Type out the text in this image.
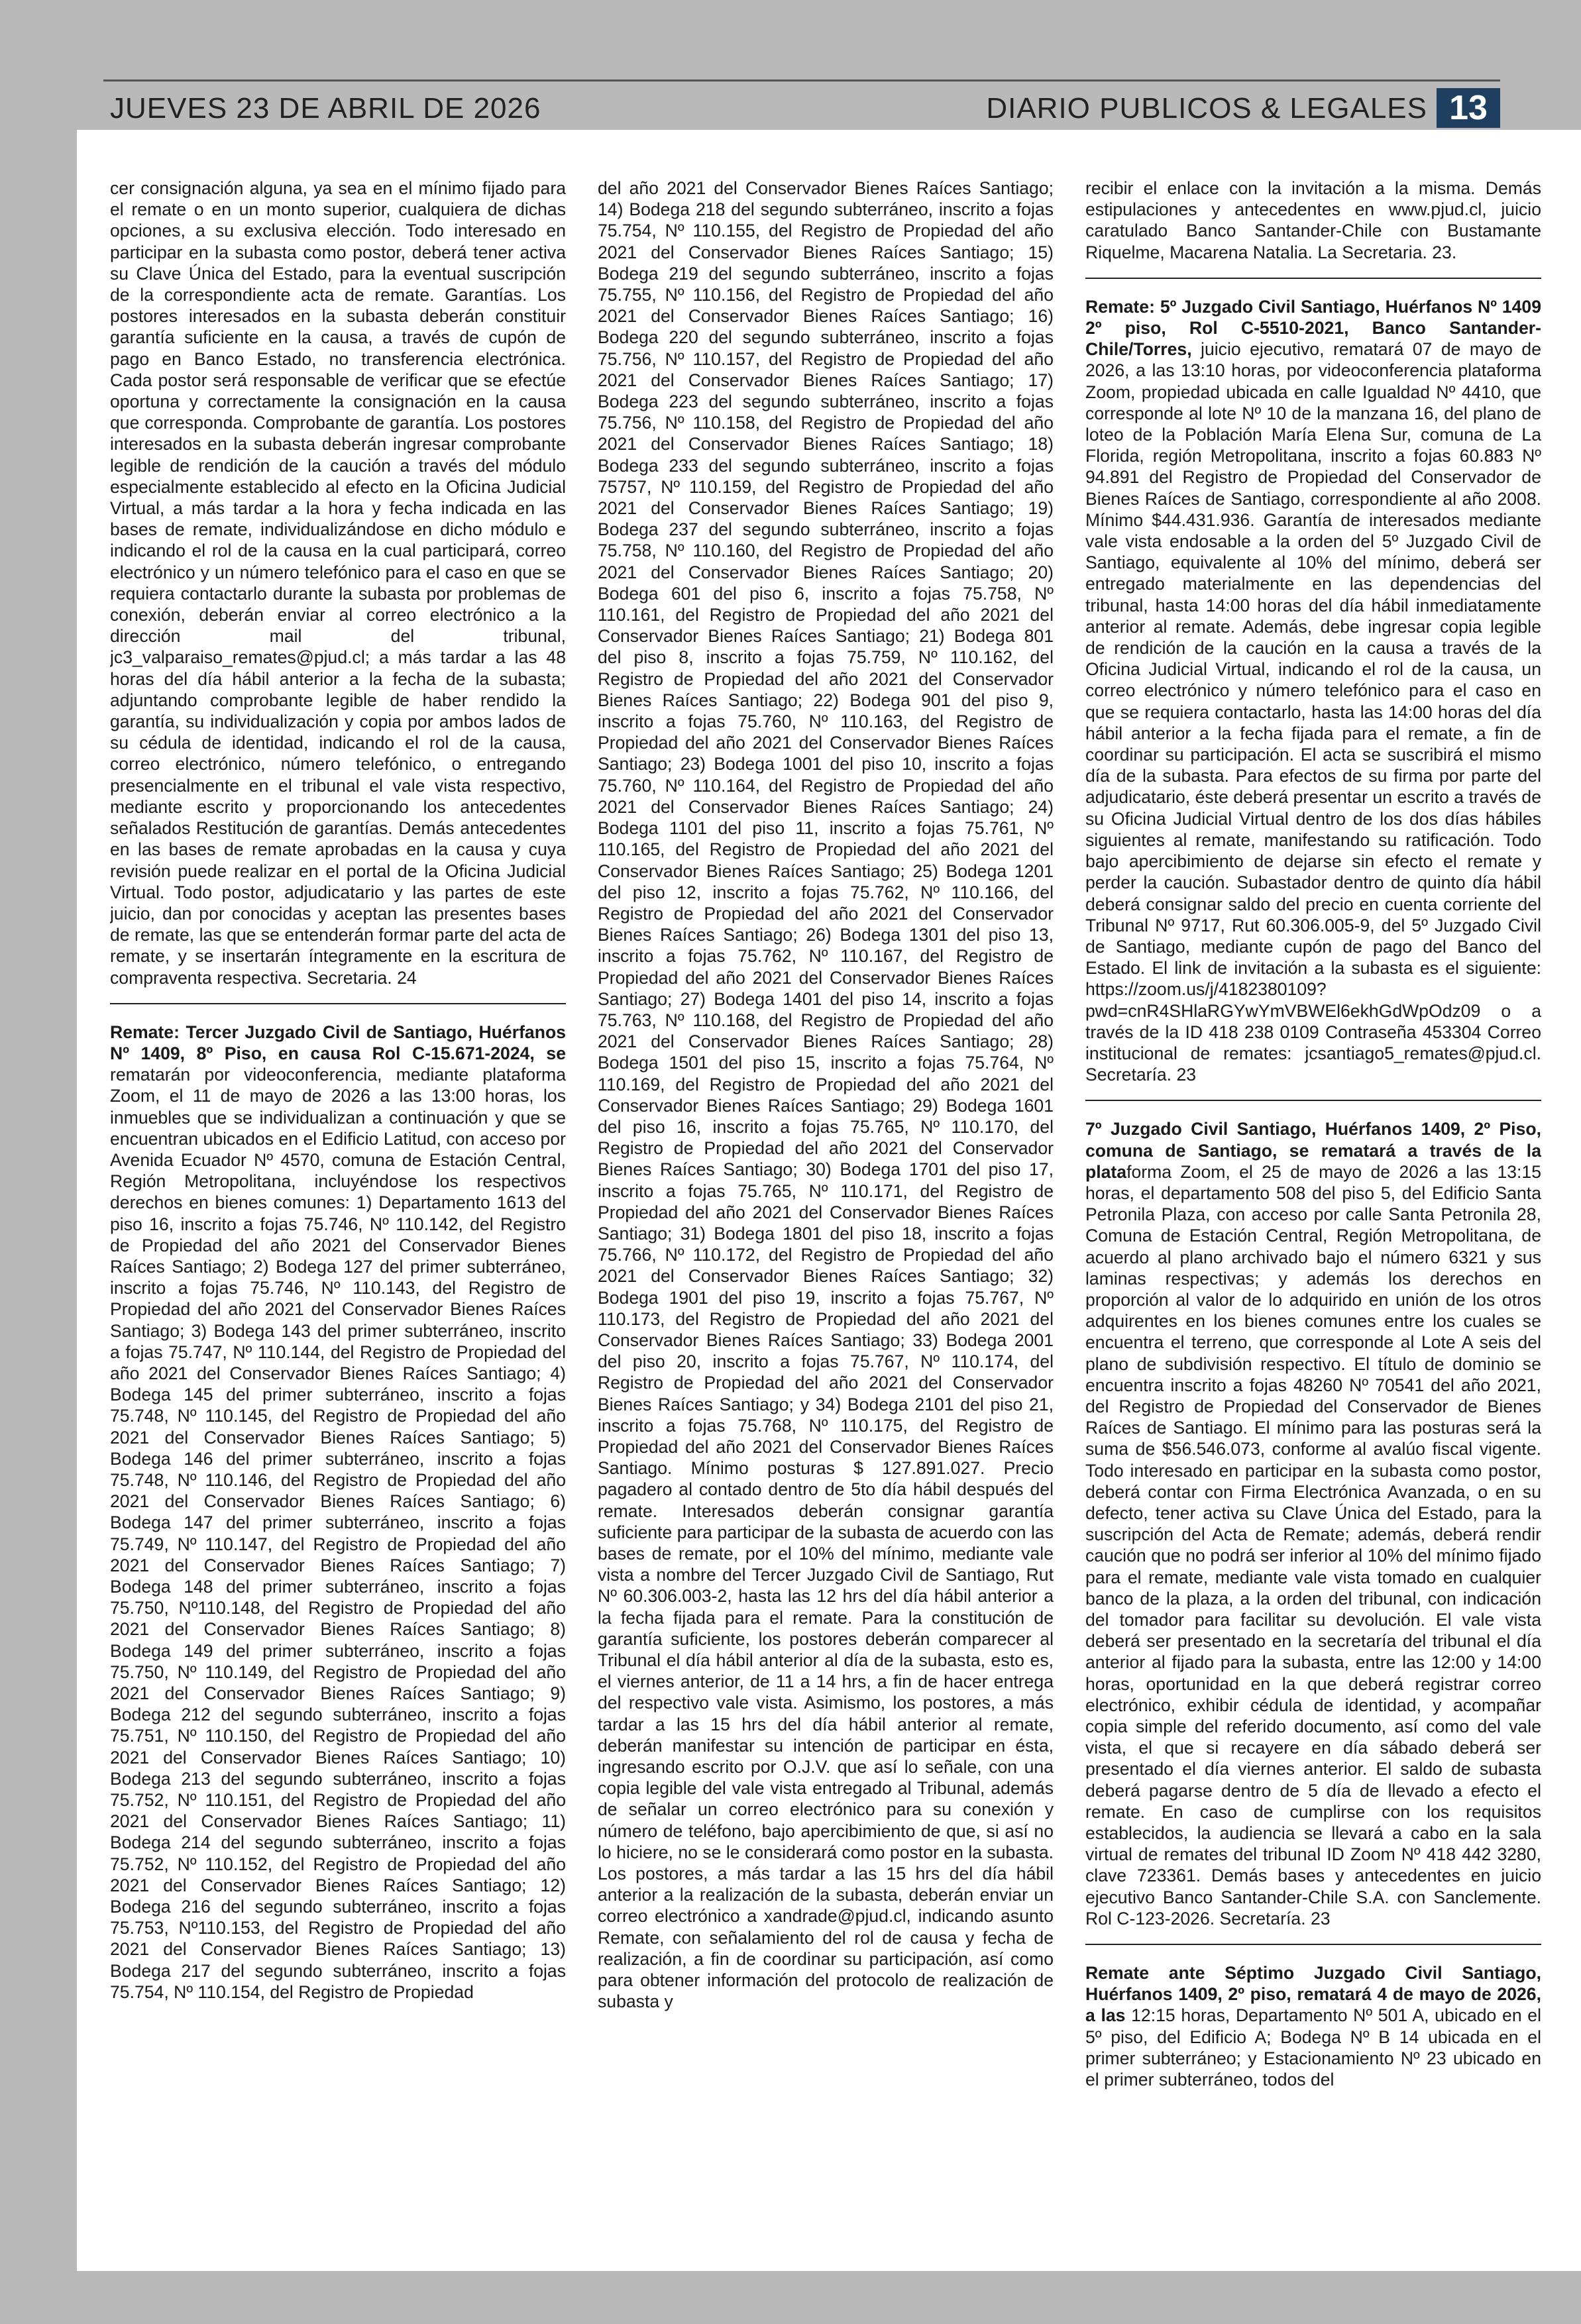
JUEVES 23 DE ABRIL DE 2026	DIARIO PUBLICOS & LEGALES 13

cer consignación alguna, ya sea en el mínimo fijado para el remate o en un monto superior, cualquiera de dichas opciones, a su exclusiva elección. Todo interesado en participar en la subasta como postor, deberá tener activa su Clave Única del Estado, para la eventual suscripción de la correspondiente acta de remate. Garantías. Los postores interesados en la subasta deberán constituir garantía suficiente en la causa, a través de cupón de pago en Banco Estado, no transferencia electrónica. Cada postor será responsable de verificar que se efectúe oportuna y correctamente la consignación en la causa que corresponda. Comprobante de garantía. Los postores interesados en la subasta deberán ingresar comprobante legible de rendición de la caución a través del módulo especialmente establecido al efecto en la Oficina Judicial Virtual, a más tardar a la hora y fecha indicada en las bases de remate, individualizándose en dicho módulo e indicando el rol de la causa en la cual participará, correo electrónico y un número telefónico para el caso en que se requiera contactarlo durante la subasta por problemas de conexión, deberán enviar al correo electrónico a la dirección mail del tribunal, jc3_valparaiso_remates@pjud.cl; a más tardar a las 48 horas del día hábil anterior a la fecha de la subasta; adjuntando comprobante legible de haber rendido la garantía, su individualización y copia por ambos lados de su cédula de identidad, indicando el rol de la causa, correo electrónico, número telefónico, o entregando presencialmente en el tribunal el vale vista respectivo, mediante escrito y proporcionando los antecedentes señalados Restitución de garantías. Demás antecedentes en las bases de remate aprobadas en la causa y cuya revisión puede realizar en el portal de la Oficina Judicial Virtual. Todo postor, adjudicatario y las partes de este juicio, dan por conocidas y aceptan las presentes bases de remate, las que se entenderán formar parte del acta de remate, y se insertarán íntegramente en la escritura de compraventa respectiva. Secretaria. 24

Remate: Tercer Juzgado Civil de Santiago, Huérfanos Nº 1409, 8º Piso, en causa Rol C-15.671-2024, se rematarán por videoconferencia, mediante plataforma Zoom, el 11 de mayo de 2026 a las 13:00 horas, los inmuebles que se individualizan a continuación y que se encuentran ubicados en el Edificio Latitud, con acceso por Avenida Ecuador Nº 4570, comuna de Estación Central, Región Metropolitana, incluyéndose los respectivos derechos en bienes comunes: 1) Departamento 1613 del piso 16, inscrito a fojas 75.746, Nº 110.142, del Registro de Propiedad del año 2021 del Conservador Bienes Raíces Santiago; 2) Bodega 127 del primer subterráneo, inscrito a fojas 75.746, Nº 110.143, del Registro de Propiedad del año 2021 del Conservador Bienes Raíces Santiago; 3) Bodega 143 del primer subterráneo, inscrito a fojas 75.747, Nº 110.144, del Registro de Propiedad del año 2021 del Conservador Bienes Raíces Santiago; 4) Bodega 145 del primer subterráneo, inscrito a fojas 75.748, Nº 110.145, del Registro de Propiedad del año 2021 del Conservador Bienes Raíces Santiago; 5) Bodega 146 del primer subterráneo, inscrito a fojas 75.748, Nº 110.146, del Registro de Propiedad del año 2021 del Conservador Bienes Raíces Santiago; 6) Bodega 147 del primer subterráneo, inscrito a fojas 75.749, Nº 110.147, del Registro de Propiedad del año 2021 del Conservador Bienes Raíces Santiago; 7) Bodega 148 del primer subterráneo, inscrito a fojas 75.750, Nº110.148, del Registro de Propiedad del año 2021 del Conservador Bienes Raíces Santiago; 8) Bodega 149 del primer subterráneo, inscrito a fojas 75.750, Nº 110.149, del Registro de Propiedad del año 2021 del Conservador Bienes Raíces Santiago; 9) Bodega 212 del segundo subterráneo, inscrito a fojas 75.751, Nº 110.150, del Registro de Propiedad del año 2021 del Conservador Bienes Raíces Santiago; 10) Bodega 213 del segundo subterráneo, inscrito a fojas 75.752, Nº 110.151, del Registro de Propiedad del año 2021 del Conservador Bienes Raíces Santiago; 11) Bodega 214 del segundo subterráneo, inscrito a fojas 75.752, Nº 110.152, del Registro de Propiedad del año 2021 del Conservador Bienes Raíces Santiago; 12) Bodega 216 del segundo subterráneo, inscrito a fojas 75.753, Nº110.153, del Registro de Propiedad del año 2021 del Conservador Bienes Raíces Santiago; 13) Bodega 217 del segundo subterráneo, inscrito a fojas 75.754, Nº 110.154, del Registro de Propiedad

del año 2021 del Conservador Bienes Raíces Santiago; 14) Bodega 218 del segundo subterráneo, inscrito a fojas 75.754, Nº 110.155, del Registro de Propiedad del año 2021 del Conservador Bienes Raíces Santiago; 15) Bodega 219 del segundo subterráneo, inscrito a fojas 75.755, Nº 110.156, del Registro de Propiedad del año 2021 del Conservador Bienes Raíces Santiago; 16) Bodega 220 del segundo subterráneo, inscrito a fojas 75.756, Nº 110.157, del Registro de Propiedad del año 2021 del Conservador Bienes Raíces Santiago; 17) Bodega 223 del segundo subterráneo, inscrito a fojas 75.756, Nº 110.158, del Registro de Propiedad del año 2021 del Conservador Bienes Raíces Santiago; 18) Bodega 233 del segundo subterráneo, inscrito a fojas 75757, Nº 110.159, del Registro de Propiedad del año 2021 del Conservador Bienes Raíces Santiago; 19) Bodega 237 del segundo subterráneo, inscrito a fojas 75.758, Nº 110.160, del Registro de Propiedad del año 2021 del Conservador Bienes Raíces Santiago; 20) Bodega 601 del piso 6, inscrito a fojas 75.758, Nº 110.161, del Registro de Propiedad del año 2021 del Conservador Bienes Raíces Santiago; 21) Bodega 801 del piso 8, inscrito a fojas 75.759, Nº 110.162, del Registro de Propiedad del año 2021 del Conservador Bienes Raíces Santiago; 22) Bodega 901 del piso 9, inscrito a fojas 75.760, Nº 110.163, del Registro de Propiedad del año 2021 del Conservador Bienes Raíces Santiago; 23) Bodega 1001 del piso 10, inscrito a fojas 75.760, Nº 110.164, del Registro de Propiedad del año 2021 del Conservador Bienes Raíces Santiago; 24) Bodega 1101 del piso 11, inscrito a fojas 75.761, Nº 110.165, del Registro de Propiedad del año 2021 del Conservador Bienes Raíces Santiago; 25) Bodega 1201 del piso 12, inscrito a fojas 75.762, Nº 110.166, del Registro de Propiedad del año 2021 del Conservador Bienes Raíces Santiago; 26) Bodega 1301 del piso 13, inscrito a fojas 75.762, Nº 110.167, del Registro de Propiedad del año 2021 del Conservador Bienes Raíces Santiago; 27) Bodega 1401 del piso 14, inscrito a fojas 75.763, Nº 110.168, del Registro de Propiedad del año 2021 del Conservador Bienes Raíces Santiago; 28) Bodega 1501 del piso 15, inscrito a fojas 75.764, Nº 110.169, del Registro de Propiedad del año 2021 del Conservador Bienes Raíces Santiago; 29) Bodega 1601 del piso 16, inscrito a fojas 75.765, Nº 110.170, del Registro de Propiedad del año 2021 del Conservador Bienes Raíces Santiago; 30) Bodega 1701 del piso 17, inscrito a fojas 75.765, Nº 110.171, del Registro de Propiedad del año 2021 del Conservador Bienes Raíces Santiago; 31) Bodega 1801 del piso 18, inscrito a fojas 75.766, Nº 110.172, del Registro de Propiedad del año 2021 del Conservador Bienes Raíces Santiago; 32) Bodega 1901 del piso 19, inscrito a fojas 75.767, Nº 110.173, del Registro de Propiedad del año 2021 del Conservador Bienes Raíces Santiago; 33) Bodega 2001 del piso 20, inscrito a fojas 75.767, Nº 110.174, del Registro de Propiedad del año 2021 del Conservador Bienes Raíces Santiago; y 34) Bodega 2101 del piso 21, inscrito a fojas 75.768, Nº 110.175, del Registro de Propiedad del año 2021 del Conservador Bienes Raíces Santiago. Mínimo posturas $ 127.891.027. Precio pagadero al contado dentro de 5to día hábil después del remate. Interesados deberán consignar garantía suficiente para participar de la subasta de acuerdo con las bases de remate, por el 10% del mínimo, mediante vale vista a nombre del Tercer Juzgado Civil de Santiago, Rut Nº 60.306.003-2, hasta las 12 hrs del día hábil anterior a la fecha fijada para el remate. Para la constitución de garantía suficiente, los postores deberán comparecer al Tribunal el día hábil anterior al día de la subasta, esto es, el viernes anterior, de 11 a 14 hrs, a fin de hacer entrega del respectivo vale vista. Asimismo, los postores, a más tardar a las 15 hrs del día hábil anterior al remate, deberán manifestar su intención de participar en ésta, ingresando escrito por O.J.V. que así lo señale, con una copia legible del vale vista entregado al Tribunal, además de señalar un correo electrónico para su conexión y número de teléfono, bajo apercibimiento de que, si así no lo hiciere, no se le considerará como postor en la subasta. Los postores, a más tardar a las 15 hrs del día hábil anterior a la realización de la subasta, deberán enviar un correo electrónico a xandrade@pjud.cl, indicando asunto Remate, con señalamiento del rol de causa y fecha de realización, a fin de coordinar su participación, así como para obtener información del protocolo de realización de subasta y

recibir el enlace con la invitación a la misma. Demás estipulaciones y antecedentes en www.pjud.cl, juicio caratulado Banco Santander-Chile con Bustamante Riquelme, Macarena Natalia. La Secretaria. 23.

Remate: 5º Juzgado Civil Santiago, Huérfanos Nº 1409 2º piso, Rol C-5510-2021, Banco Santander-Chile/Torres, juicio ejecutivo, rematará 07 de mayo de 2026, a las 13:10 horas, por videoconferencia plataforma Zoom, propiedad ubicada en calle Igualdad Nº 4410, que corresponde al lote Nº 10 de la manzana 16, del plano de loteo de la Población María Elena Sur, comuna de La Florida, región Metropolitana, inscrito a fojas 60.883 Nº 94.891 del Registro de Propiedad del Conservador de Bienes Raíces de Santiago, correspondiente al año 2008. Mínimo $44.431.936. Garantía de interesados mediante vale vista endosable a la orden del 5º Juzgado Civil de Santiago, equivalente al 10% del mínimo, deberá ser entregado materialmente en las dependencias del tribunal, hasta 14:00 horas del día hábil inmediatamente anterior al remate. Además, debe ingresar copia legible de rendición de la caución en la causa a través de la Oficina Judicial Virtual, indicando el rol de la causa, un correo electrónico y número telefónico para el caso en que se requiera contactarlo, hasta las 14:00 horas del día hábil anterior a la fecha fijada para el remate, a fin de coordinar su participación. El acta se suscribirá el mismo día de la subasta. Para efectos de su firma por parte del adjudicatario, éste deberá presentar un escrito a través de su Oficina Judicial Virtual dentro de los dos días hábiles siguientes al remate, manifestando su ratificación. Todo bajo apercibimiento de dejarse sin efecto el remate y perder la caución. Subastador dentro de quinto día hábil deberá consignar saldo del precio en cuenta corriente del Tribunal Nº 9717, Rut 60.306.005-9, del 5º Juzgado Civil de Santiago, mediante cupón de pago del Banco del Estado. El link de invitación a la subasta es el siguiente: https://zoom.us/j/4182380109?pwd=cnR4SHlaRGYwYmVBWEl6ekhGdWpOdz09 o a través de la ID 418 238 0109 Contraseña 453304 Correo institucional de remates: jcsantiago5_remates@pjud.cl. Secretaría. 23

7º Juzgado Civil Santiago, Huérfanos 1409, 2º Piso, comuna de Santiago, se rematará a través de la plataforma Zoom, el 25 de mayo de 2026 a las 13:15 horas, el departamento 508 del piso 5, del Edificio Santa Petronila Plaza, con acceso por calle Santa Petronila 28, Comuna de Estación Central, Región Metropolitana, de acuerdo al plano archivado bajo el número 6321 y sus laminas respectivas; y además los derechos en proporción al valor de lo adquirido en unión de los otros adquirentes en los bienes comunes entre los cuales se encuentra el terreno, que corresponde al Lote A seis del plano de subdivisión respectivo. El título de dominio se encuentra inscrito a fojas 48260 Nº 70541 del año 2021, del Registro de Propiedad del Conservador de Bienes Raíces de Santiago. El mínimo para las posturas será la suma de $56.546.073, conforme al avalúo fiscal vigente. Todo interesado en participar en la subasta como postor, deberá contar con Firma Electrónica Avanzada, o en su defecto, tener activa su Clave Única del Estado, para la suscripción del Acta de Remate; además, deberá rendir caución que no podrá ser inferior al 10% del mínimo fijado para el remate, mediante vale vista tomado en cualquier banco de la plaza, a la orden del tribunal, con indicación del tomador para facilitar su devolución. El vale vista deberá ser presentado en la secretaría del tribunal el día anterior al fijado para la subasta, entre las 12:00 y 14:00 horas, oportunidad en la que deberá registrar correo electrónico, exhibir cédula de identidad, y acompañar copia simple del referido documento, así como del vale vista, el que si recayere en día sábado deberá ser presentado el día viernes anterior. El saldo de subasta deberá pagarse dentro de 5 día de llevado a efecto el remate. En caso de cumplirse con los requisitos establecidos, la audiencia se llevará a cabo en la sala virtual de remates del tribunal ID Zoom Nº 418 442 3280, clave 723361. Demás bases y antecedentes en juicio ejecutivo Banco Santander-Chile S.A. con Sanclemente. Rol C-123-2026. Secretaría. 23

Remate ante Séptimo Juzgado Civil Santiago, Huérfanos 1409, 2º piso, rematará 4 de mayo de 2026, a las 12:15 horas, Departamento Nº 501 A, ubicado en el 5º piso, del Edificio A; Bodega Nº B 14 ubicada en el primer subterráneo; y Estacionamiento Nº 23 ubicado en el primer subterráneo, todos del
